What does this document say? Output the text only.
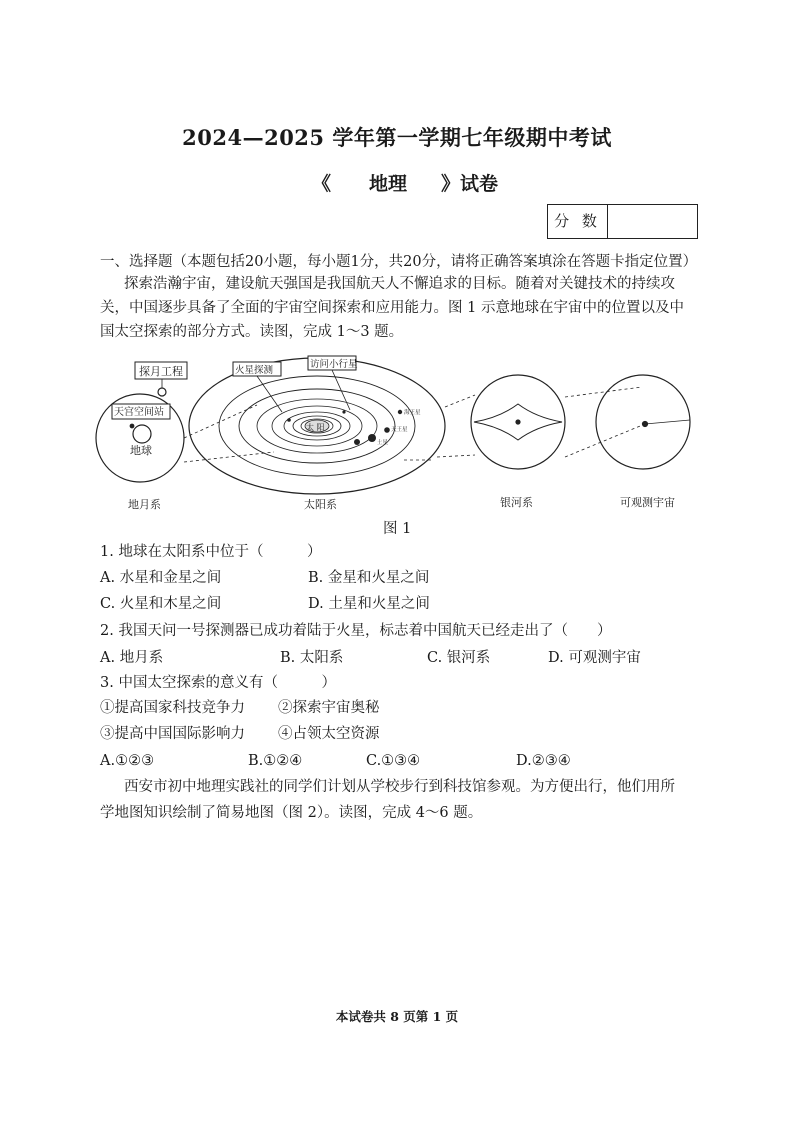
2024—2025 学年第一学期七年级期中考试
《 地理 》试卷
分 数
一、选择题（本题包括20小题，每小题1分，共20分，请将正确答案填涂在答题卡指定位置）
探索浩瀚宇宙，建设航天强国是我国航天人不懈追求的目标。随着对关键技术的持续攻
关，中国逐步具备了全面的宇宙空间探索和应用能力。图 1 示意地球在宇宙中的位置以及中
国太空探索的部分方式。读图，完成 1～3 题。
探月工程
天宫空间站
火星探测
访问小行星
地球
太 阳
海王星
天王星
土星
地月系	太阳系	银河系	可观测宇宙
图 1
1. 地球在太阳系中位于（　　　）
A. 水星和金星之间	B. 金星和火星之间
C. 火星和木星之间	D. 土星和火星之间
2. 我国天问一号探测器已成功着陆于火星，标志着中国航天已经走出了（　　）
A. 地月系	B. 太阳系	C. 银河系	D. 可观测宇宙
3. 中国太空探索的意义有（　　　）
①提高国家科技竞争力 ②探索宇宙奥秘
③提高中国国际影响力 ④占领太空资源
A.①②③	B.①②④	C.①③④	D.②③④
西安市初中地理实践社的同学们计划从学校步行到科技馆参观。为方便出行，他们用所
学地图知识绘制了简易地图（图 2）。读图，完成 4～6 题。
本试卷共 8 页第 1 页
